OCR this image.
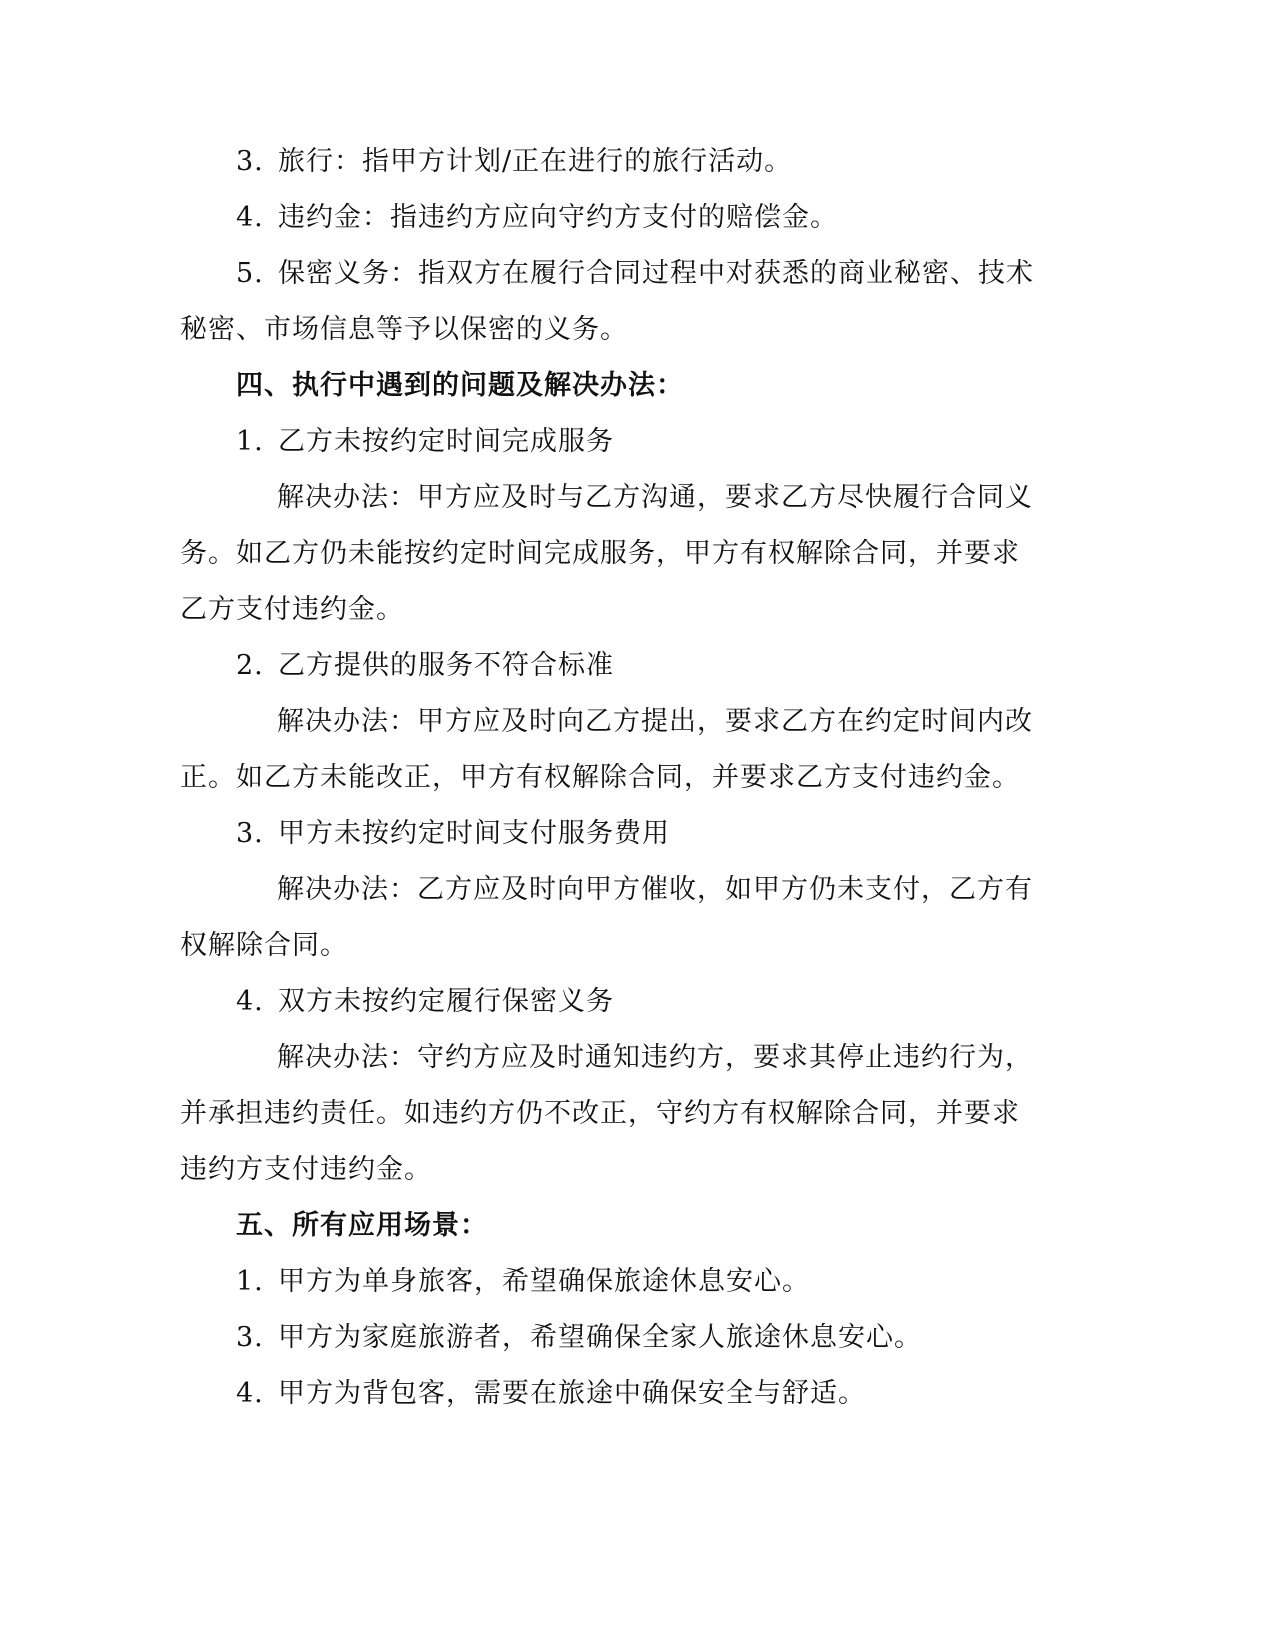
3. 旅行：指甲方计划/正在进行的旅行活动。
4. 违约金：指违约方应向守约方支付的赔偿金。
5. 保密义务：指双方在履行合同过程中对获悉的商业秘密、技术
秘密、市场信息等予以保密的义务。
四、执行中遇到的问题及解决办法：
1. 乙方未按约定时间完成服务
解决办法：甲方应及时与乙方沟通，要求乙方尽快履行合同义
务。如乙方仍未能按约定时间完成服务，甲方有权解除合同，并要求
乙方支付违约金。
2. 乙方提供的服务不符合标准
解决办法：甲方应及时向乙方提出，要求乙方在约定时间内改
正。如乙方未能改正，甲方有权解除合同，并要求乙方支付违约金。
3. 甲方未按约定时间支付服务费用
解决办法：乙方应及时向甲方催收，如甲方仍未支付，乙方有
权解除合同。
4. 双方未按约定履行保密义务
解决办法：守约方应及时通知违约方，要求其停止违约行为，
并承担违约责任。如违约方仍不改正，守约方有权解除合同，并要求
违约方支付违约金。
五、所有应用场景：
1. 甲方为单身旅客，希望确保旅途休息安心。
3. 甲方为家庭旅游者，希望确保全家人旅途休息安心。
4. 甲方为背包客，需要在旅途中确保安全与舒适。
